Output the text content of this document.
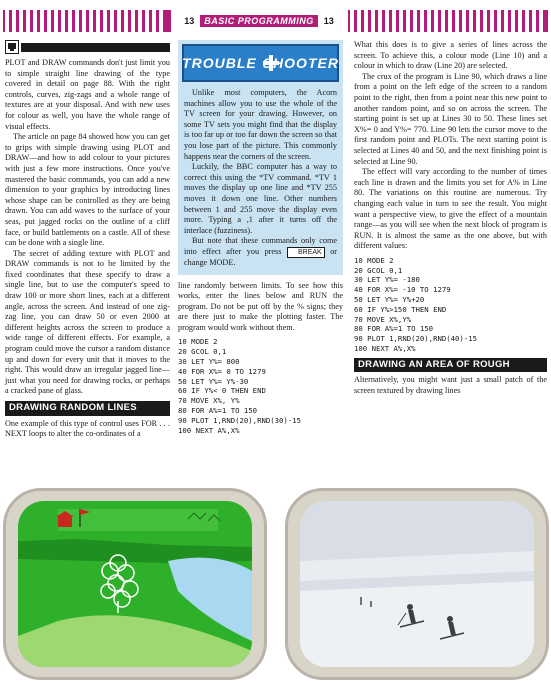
13	BASIC PROGRAMMING	13

PLOT and DRAW commands don't just limit you to simple straight line drawing of the type covered in detail on page 88. With the right controls, curves, zig-zags and a whole range of textures are at your disposal. And with new uses for colour as well, you have the whole range of visual effects.

The article on page 84 showed how you can get to grips with simple drawing using PLOT and DRAW—and how to add colour to your pictures with just a few more instructions. Once you've mastered the basic commands, you can add a new dimension to your graphics by introducing lines whose shape can be controlled as they are being drawn. You can add waves to the surface of your seas, put jagged rocks on the outline of a cliff face, or build battlements on a castle. All of these can be done with a single line.

The secret of adding texture with PLOT and DRAW commands is not to be limited by the fixed coordinates that these specify to draw a single line, but to use the computer's speed to draw 100 or more short lines, each at a different angle, across the screen. And instead of one zig-zag line, you can draw 50 or even 2000 at different heights across the screen to produce a wide range of different effects. For example, a program could move the cursor a random distance up and down for every unit that it moves to the right. This would draw an irregular jagged line—just what you need for drawing rocks, or perhaps a cracked pane of glass.

DRAWING RANDOM LINES

One example of this type of control uses FOR . . . NEXT loops to alter the co-ordinates of a

TROUBLE SHOOTER

Unlike most computers, the Acorn machines allow you to use the whole of the TV screen for your drawing. However, on some TV sets you might find that the display is too far up or too far down the screen so that you lose part of the picture. This commonly happens near the corners of the screen.

Luckily, the BBC computer has a way to correct this using the *TV command. *TV 1 moves the display up one line and *TV 255 moves it down one line. Other numbers between 1 and 255 move the display even more. Typing a ,1 after it turns off the interlace (fuzziness).

But note that these commands only come into effect after you press BREAK or change MODE.

line randomly between limits. To see how this works, enter the lines below and RUN the program. Do not be put off by the % signs; they are there just to make the plotting faster. The program would work without them.

10 MODE 2
20 GCOL 0,1
30 LET Y%= 800
40 FOR X%= 0 TO 1279
50 LET Y%= Y%-30
60 IF Y%< 0 THEN END
70 MOVE X%, Y%
80 FOR A%=1 TO 150
90 PLOT 1,RND(20),RND(30)-15
100 NEXT A%,X%

What this does is to give a series of lines across the screen. To achieve this, a colour mode (Line 10) and a colour in which to draw (Line 20) are selected.

The crux of the program is Line 90, which draws a line from a point on the left edge of the screen to a random point to the right, then from a point near this new point to another random point, and so on across the screen. The starting point is set up at Lines 30 to 50. These lines set X%= 0 and Y%= 770. Line 90 lets the cursor move to the first random point and PLOTs. The next starting point is selected at Lines 40 and 50, and the next finishing point is selected at Line 90.

The effect will vary according to the number of times each line is drawn and the limits you set for A% in Line 80. The variations on this routine are numerous. Try changing each value in turn to see the result. You might want a perspective view, to give the effect of a mountain range—as you will see when the next block of program is RUN. It is almost the same as the one above, but with different values:

10 MODE 2
20 GCOL 0,1
30 LET Y%= -180
40 FOR X%= -10 TO 1279
50 LET Y%= Y%+20
60 IF Y%>150 THEN END
70 MOVE X%,Y%
80 FOR A%=1 TO 150
90 PLOT 1,RND(20),RND(40)-15
100 NEXT A%,X%
DRAWING AN AREA OF ROUGH

Alternatively, you might want just a small patch of the screen textured by drawing lines
